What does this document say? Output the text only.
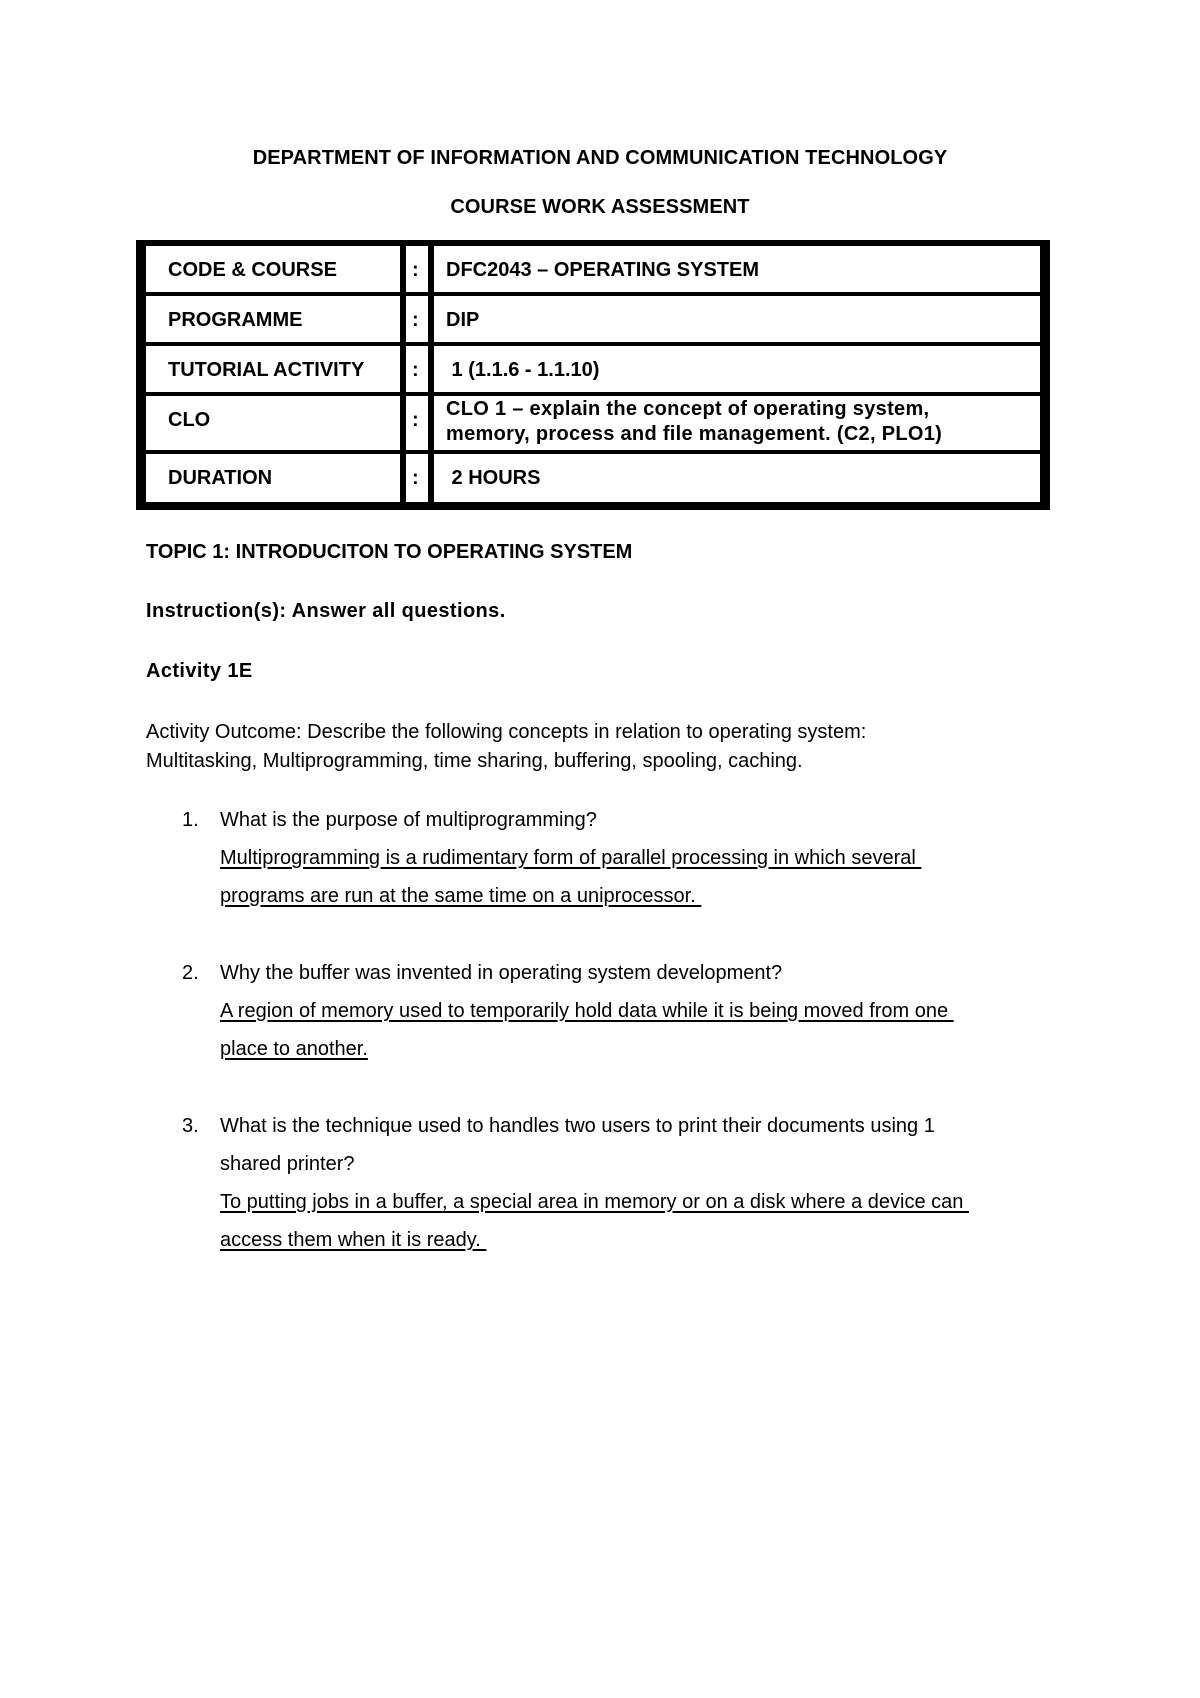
DEPARTMENT OF INFORMATION AND COMMUNICATION TECHNOLOGY
COURSE WORK ASSESSMENT
CODE & COURSE	:	DFC2043 – OPERATING SYSTEM
PROGRAMME	:	DIP
TUTORIAL ACTIVITY	:	1 (1.1.6 - 1.1.10)
CLO	:	CLO 1 – explain the concept of operating system,
memory, process and file management. (C2, PLO1)
DURATION	:	2 HOURS
TOPIC 1: INTRODUCITON TO OPERATING SYSTEM
Instruction(s): Answer all questions.
Activity 1E
Activity Outcome: Describe the following concepts in relation to operating system:
Multitasking, Multiprogramming, time sharing, buffering, spooling, caching.
1.	What is the purpose of multiprogramming?
Multiprogramming is a rudimentary form of parallel processing in which several
programs are run at the same time on a uniprocessor.
2.	Why the buffer was invented in operating system development?
A region of memory used to temporarily hold data while it is being moved from one
place to another.
3.	What is the technique used to handles two users to print their documents using 1
shared printer?
To putting jobs in a buffer, a special area in memory or on a disk where a device can
access them when it is ready.
